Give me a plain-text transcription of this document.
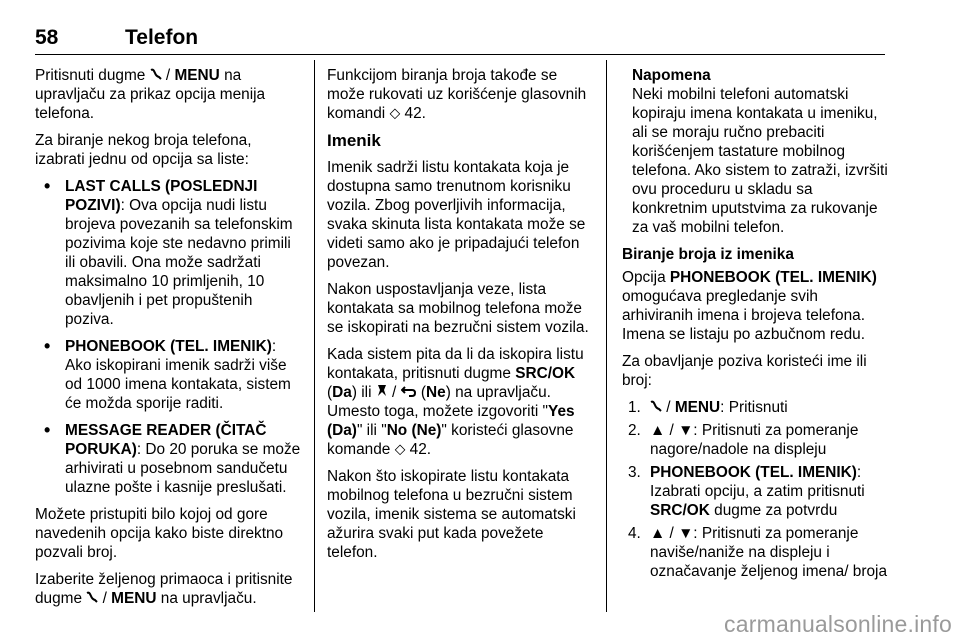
58	Telefon

Pritisnuti dugme  / MENU na upravljaču za prikaz opcija menija telefona.

Za biranje nekog broja telefona, izabrati jednu od opcija sa liste:

• LAST CALLS (POSLEDNJI POZIVI): Ova opcija nudi listu brojeva povezanih sa telefonskim pozivima koje ste nedavno primili ili obavili. Ona može sadržati maksimalno 10 primljenih, 10 obavljenih i pet propuštenih poziva.
• PHONEBOOK (TEL. IMENIK): Ako iskopirani imenik sadrži više od 1000 imena kontakata, sistem će možda sporije raditi.
• MESSAGE READER (ČITAČ PORUKA): Do 20 poruka se može arhivirati u posebnom sandučetu ulazne pošte i kasnije preslušati.

Možete pristupiti bilo kojoj od gore navedenih opcija kako biste direktno pozvali broj.

Izaberite željenog primaoca i pritisnite dugme  / MENU na upravljaču.

Funkcijom biranja broja takođe se može rukovati uz korišćenje glasovnih komandi ⬦ 42.

Imenik

Imenik sadrži listu kontakata koja je dostupna samo trenutnom korisniku vozila. Zbog poverljivih informacija, svaka skinuta lista kontakata može se videti samo ako je pripadajući telefon povezan.

Nakon uspostavljanja veze, lista kontakata sa mobilnog telefona može se iskopirati na bezručni sistem vozila.

Kada sistem pita da li da iskopira listu kontakata, pritisnuti dugme SRC/OK (Da) ili  /  (Ne) na upravljaču. Umesto toga, možete izgovoriti "Yes (Da)" ili "No (Ne)" koristeći glasovne komande ⬦ 42.

Nakon što iskopirate listu kontakata mobilnog telefona u bezručni sistem vozila, imenik sistema se automatski ažurira svaki put kada povežete telefon.

Napomena
Neki mobilni telefoni automatski kopiraju imena kontakata u imeniku, ali se moraju ručno prebaciti korišćenjem tastature mobilnog telefona. Ako sistem to zatraži, izvršiti ovu proceduru u skladu sa konkretnim uputstvima za rukovanje za vaš mobilni telefon.
Biranje broja iz imenika

Opcija PHONEBOOK (TEL. IMENIK) omogućava pregledanje svih arhiviranih imena i brojeva telefona. Imena se listaju po azbučnom redu.

Za obavljanje poziva koristeći ime ili broj:

1. / MENU: Pritisnuti
2. ▲ / ▼: Pritisnuti za pomeranje nagore/nadole na displeju
3. PHONEBOOK (TEL. IMENIK): Izabrati opciju, a zatim pritisnuti SRC/OK dugme za potvrdu
4. ▲ / ▼: Pritisnuti za pomeranje naviše/naniže na displeju i označavanje željenog imena/ broja
carmanualsonline.info
